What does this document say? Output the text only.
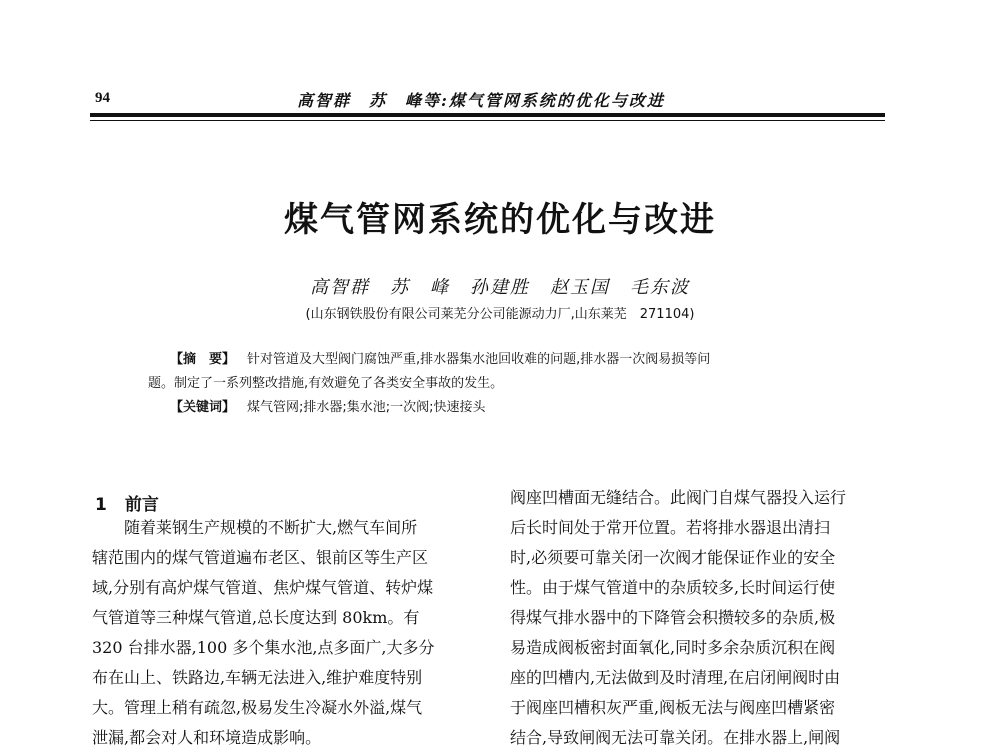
94	高智群　苏　峰等:煤气管网系统的优化与改进
煤气管网系统的优化与改进
高智群　苏　峰　孙建胜　赵玉国　毛东波
(山东钢铁股份有限公司莱芜分公司能源动力厂,山东莱芜　271104)
【摘　要】 针对管道及大型阀门腐蚀严重,排水器集水池回收难的问题,排水器一次阀易损等问
题。制定了一系列整改措施,有效避免了各类安全事故的发生。
【关键词】 煤气管网;排水器;集水池;一次阀;快速接头
1 前言
随着莱钢生产规模的不断扩大,燃气车间所
辖范围内的煤气管道遍布老区、银前区等生产区
域,分别有高炉煤气管道、焦炉煤气管道、转炉煤
气管道等三种煤气管道,总长度达到 80km。有
320 台排水器,100 多个集水池,点多面广,大多分
布在山上、铁路边,车辆无法进入,维护难度特别
大。管理上稍有疏忽,极易发生冷凝水外溢,煤气
泄漏,都会对人和环境造成影响。
阀座凹槽面无缝结合。此阀门自煤气器投入运行
后长时间处于常开位置。若将排水器退出清扫
时,必须要可靠关闭一次阀才能保证作业的安全
性。由于煤气管道中的杂质较多,长时间运行使
得煤气排水器中的下降管会积攒较多的杂质,极
易造成阀板密封面氧化,同时多余杂质沉积在阀
座的凹槽内,无法做到及时清理,在启闭闸阀时由
于阀座凹槽积灰严重,阀板无法与阀座凹槽紧密
结合,导致闸阀无法可靠关闭。在排水器上,闸阀
